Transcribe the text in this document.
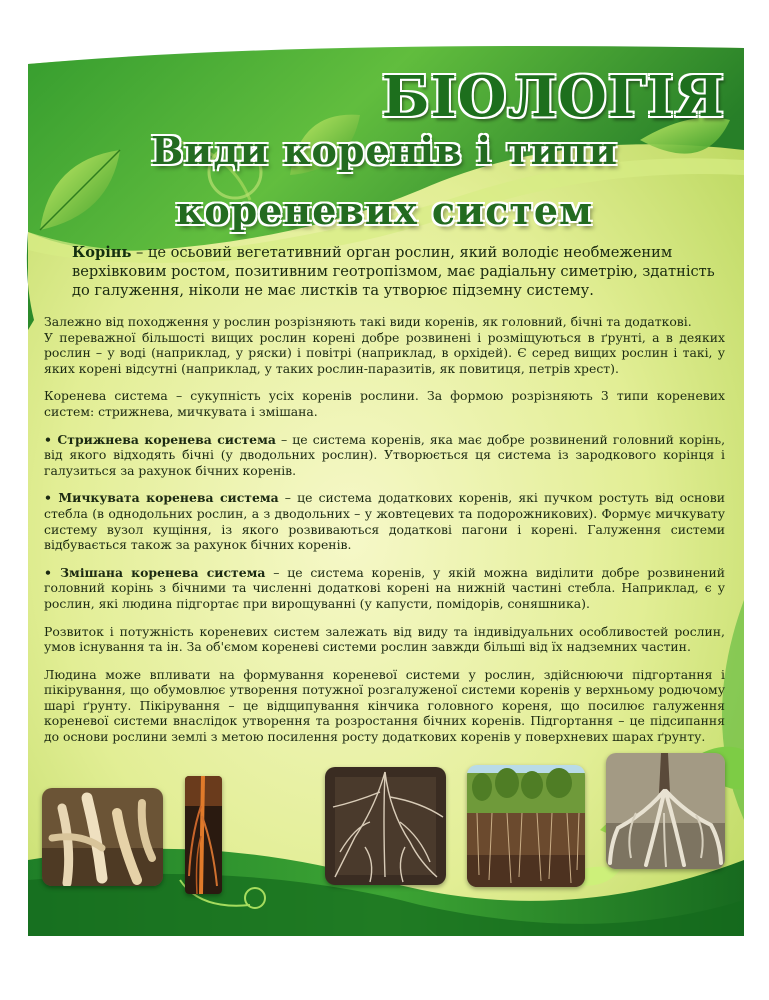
БІОЛОГІЯ
Види коренів і типи
кореневих систем

Корінь – це осьовий вегетативний орган рослин, який володіє необмеженим верхівковим ростом, позитивним геотропізмом, має радіальну симетрію, здатність до галуження, ніколи не має листків та утворює підземну систему.

Залежно від походження у рослин розрізняють такі види коренів, як головний, бічні та додаткові.

У переважної більшості вищих рослин корені добре розвинені і розміщуються в ґрунті, а в деяких рослин – у воді (наприклад, у ряски) і повітрі (наприклад, в орхідей). Є серед вищих рослин і такі, у яких корені відсутні (наприклад, у таких рослин-паразитів, як повитиця, петрів хрест).

Коренева система – сукупність усіх коренів рослини. За формою розрізняють 3 типи кореневих систем: стрижнева, мичкувата і змішана.

• Стрижнева коренева система – це система коренів, яка має добре розвинений головний корінь, від якого відходять бічні (у дводольних рослин). Утворюється ця система із зародкового корінця і галузиться за рахунок бічних коренів.

• Мичкувата коренева система – це система додаткових коренів, які пучком ростуть від основи стебла (в однодольних рослин, а з дводольних – у жовтецевих та подорожникових). Формує мичкувату систему вузол кущіння, із якого розвиваються додаткові пагони і корені. Галуження системи відбувається також за рахунок бічних коренів.

• Змішана коренева система – це система коренів, у якій можна виділити добре розвинений головний корінь з бічними та численні додаткові корені на нижній частині стебла. Наприклад, є у рослин, які людина підгортає при вирощуванні (у капусти, помідорів, соняшника).

Розвиток і потужність кореневих систем залежать від виду та індивідуальних особливостей рослин, умов існування та ін. За об'ємом кореневі системи рослин завжди більші від їх надземних частин.

Людина може впливати на формування кореневої системи у рослин, здійснюючи підгортання і пікірування, що обумовлює утворення потужної розгалуженої системи коренів у верхньому родючому шарі ґрунту. Пікірування – це відщипування кінчика головного кореня, що посилює галуження кореневої системи внаслідок утворення та розростання бічних коренів. Підгортання – це підсипання до основи рослини землі з метою посилення росту додаткових коренів у поверхневих шарах ґрунту.
